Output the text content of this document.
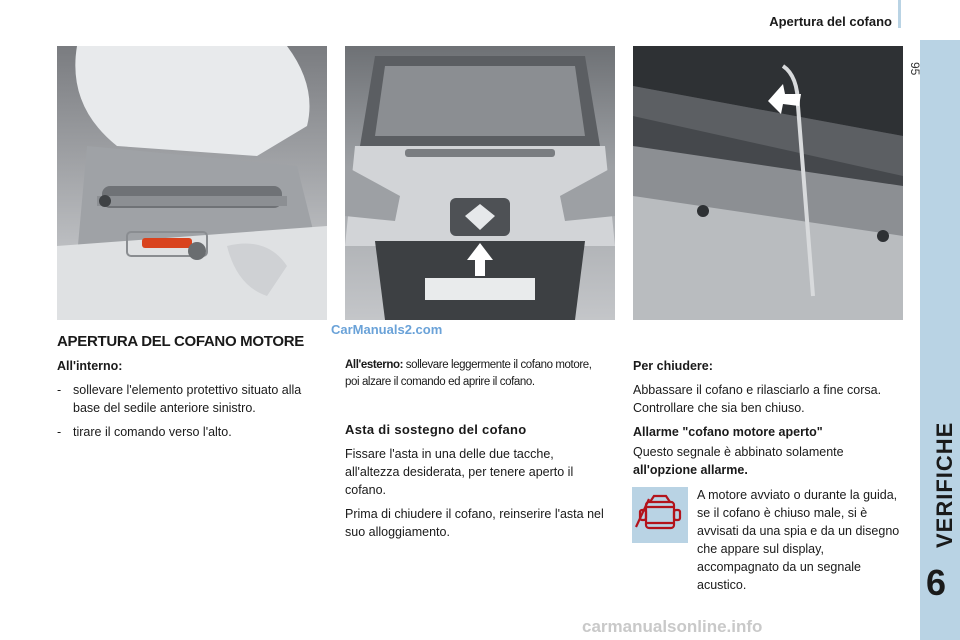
Apertura del cofano
95
VERIFICHE
6
APERTURA DEL COFANO MOTORE
CarManuals2.com

All'interno:

- sollevare l'elemento protettivo situato alla base del sedile anteriore sinistro.
- tirare il comando verso l'alto.

All'esterno: sollevare leggermente il cofano motore, poi alzare il comando ed aprire il cofano.

Asta di sostegno del cofano

Fissare l'asta in una delle due tacche, all'altezza desiderata, per tenere aperto il cofano.

Prima di chiudere il cofano, reinserire l'asta nel suo alloggiamento.

Per chiudere:

Abbassare il cofano e rilasciarlo a fine corsa. Controllare che sia ben chiuso.

Allarme "cofano motore aperto"

Questo segnale è abbinato solamente

all'opzione allarme.

A motore avviato o durante la guida, se il cofano è chiuso male, si è avvisati da una spia e da un disegno che appare sul display, accompagnato da un segnale acustico.
carmanualsonline.info
